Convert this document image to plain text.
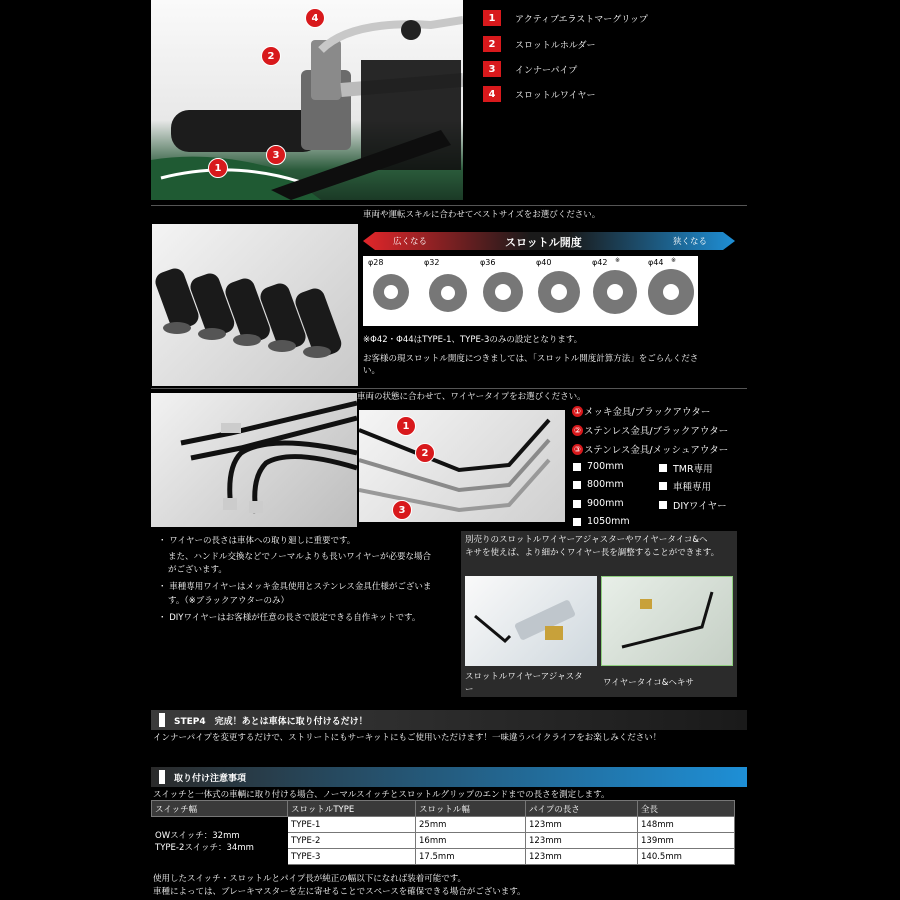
4
2
1
3
1	アクティブエラストマーグリップ
2	スロットルホルダー
3	インナーパイプ
4	スロットルワイヤー
車両や運転スキルに合わせてベストサイズをお選びください。
広くなる	スロットル開度	狭くなる
φ28	φ32	φ36	φ40	φ42 ※	φ44 ※
※Φ42・Φ44はTYPE-1、TYPE-3のみの設定となります。
お客様の現スロットル開度につきましては、「スロットル開度計算方法」をごらんくださ
い。
車両の状態に合わせて、ワイヤータイプをお選びください。
1
2
3
① メッキ金具/ブラックアウター
② ステンレス金具/ブラックアウター
③ ステンレス金具/メッシュアウター
700mm
800mm
900mm
1050mm
TMR専用
車種専用
DIYワイヤー
・ ワイヤーの長さは車体への取り廻しに重要です。
また、ハンドル交換などでノーマルよりも長いワイヤーが必要な場合
がございます。
・ 車種専用ワイヤーはメッキ金具使用とステンレス金具仕様がございま
す。（※ブラックアウターのみ）
・ DIYワイヤーはお客様が任意の長さで設定できる自作キットです。
別売りのスロットルワイヤーアジャスターやワイヤータイコ&ヘ
キサを使えば、より細かくワイヤー長を調整することができます。
スロットルワイヤーアジャスタ
ー
ワイヤータイコ&ヘキサ
STEP4　完成！あとは車体に取り付けるだけ！
インナーパイプを変更するだけで、ストリートにもサーキットにもご使用いただけます！一味違うバイクライフをお楽しみください！
取り付け注意事項
スイッチと一体式の車輌に取り付ける場合、ノーマルスイッチとスロットルグリップのエンドまでの長さを測定します。
スイッチ幅	スロットルTYPE	スロットル幅	パイプの長さ	全長

OWスイッチ：32mm
TYPE-2スイッチ：34mm	TYPE-1	25mm	123mm	148mm
	TYPE-2	16mm	123mm	139mm
	TYPE-3	17.5mm	123mm	140.5mm
使用したスイッチ・スロットルとパイプ長が純正の幅以下になれば装着可能です。
車種によっては、ブレーキマスターを左に寄せることでスペースを確保できる場合がございます。
